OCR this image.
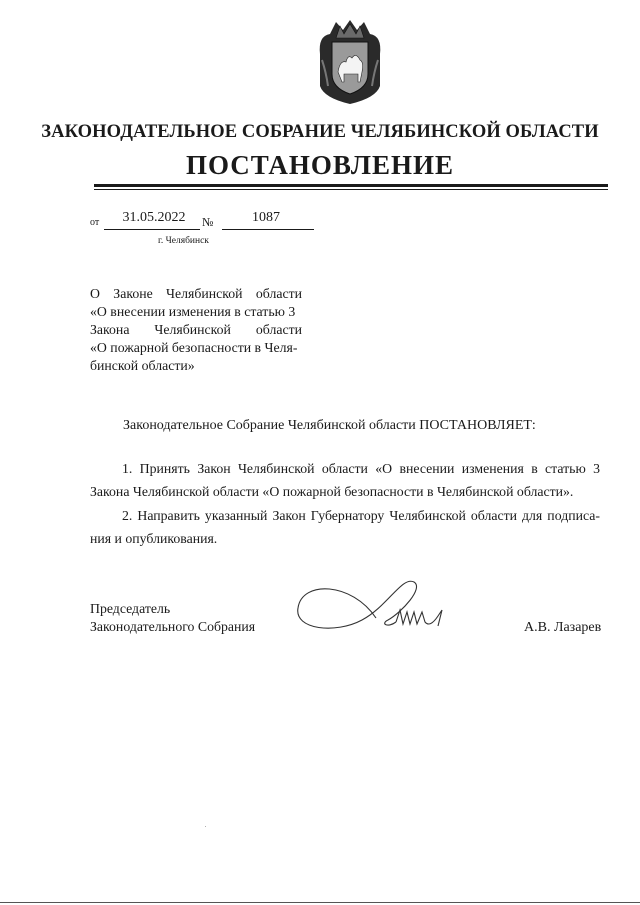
ЗАКОНОДАТЕЛЬНОЕ СОБРАНИЕ ЧЕЛЯБИНСКОЙ ОБЛАСТИ
ПОСТАНОВЛЕНИЕ
от	31.05.2022	№	1087
г. Челябинск
О Законе Челябинской области
«О внесении изменения в статью 3
Закона Челябинской области
«О пожарной безопасности в Челя-
бинской области»
Законодательное Собрание Челябинской области ПОСТАНОВЛЯЕТ:
1. Принять Закон Челябинской области «О внесении изменения в статью 3
Закона Челябинской области «О пожарной безопасности в Челябинской области».
2. Направить указанный Закон Губернатору Челябинской области для подписа-
ния и опубликования.
Председатель
Законодательного Собрания	А.В. Лазарев
